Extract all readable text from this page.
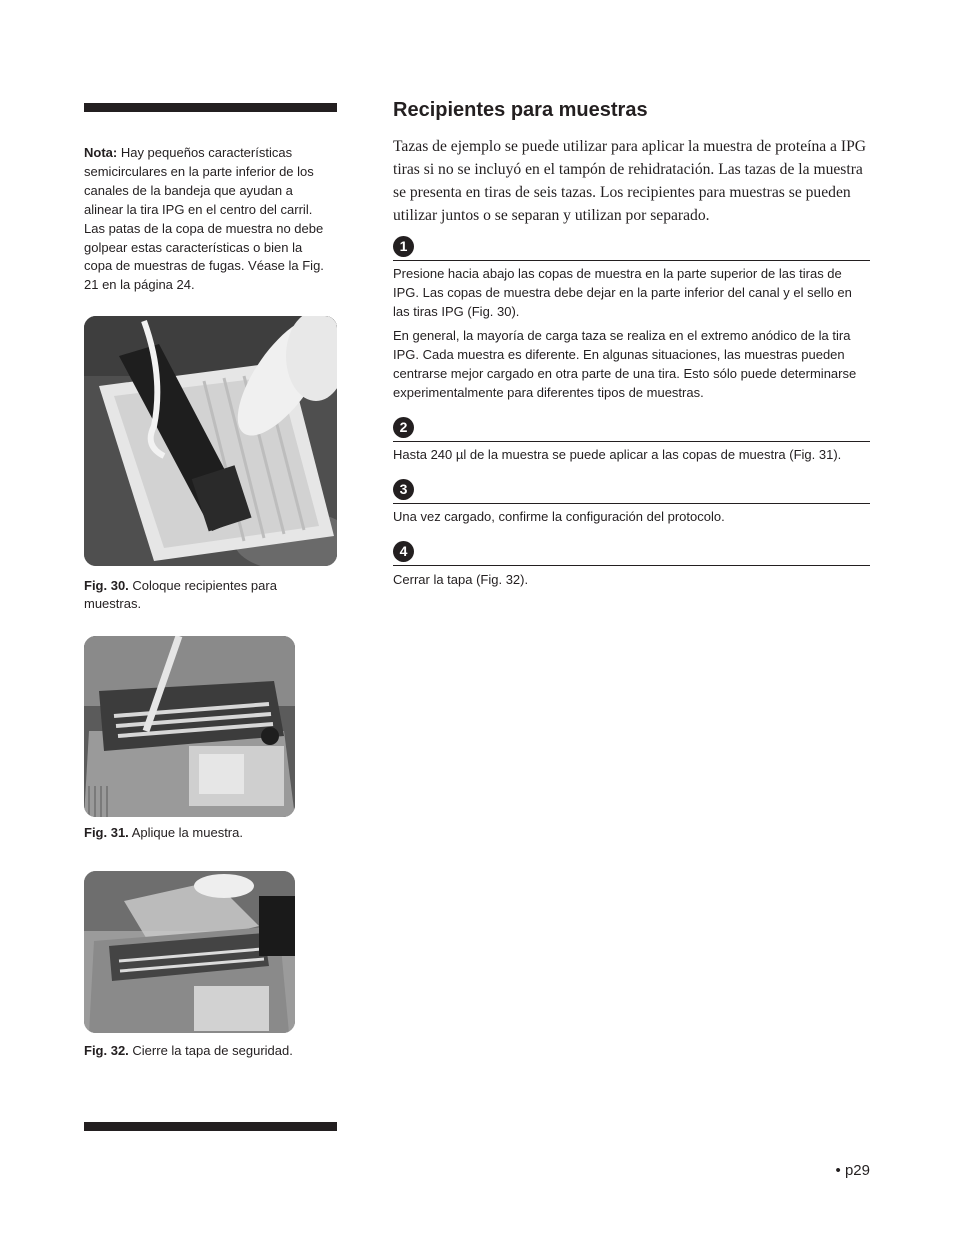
Nota: Hay pequeños características semicirculares en la parte inferior de los canales de la bandeja que ayudan a alinear la tira IPG en el centro del carril. Las patas de la copa de muestra no debe golpear estas características o bien la copa de muestras de fugas. Véase la Fig. 21 en la página 24.
Fig. 30. Coloque recipientes para muestras.
Fig. 31. Aplique la muestra.
Fig. 32. Cierre la tapa de seguridad.
Recipientes para muestras

Tazas de ejemplo se puede utilizar para aplicar la muestra de proteína a IPG tiras si no se incluyó en el tampón de rehidratación. Las tazas de la muestra se presenta en tiras de seis tazas. Los recipientes para muestras se pueden utilizar juntos o se separan y utilizan por separado.

1

Presione hacia abajo las copas de muestra en la parte superior de las tiras de IPG. Las copas de muestra debe dejar en la parte inferior del canal y el sello en las tiras IPG (Fig. 30).

En general, la mayoría de carga taza se realiza en el extremo anódico de la tira IPG. Cada muestra es diferente. En algunas situaciones, las muestras pueden centrarse mejor cargado en otra parte de una tira. Esto sólo puede determinarse experimentalmente para diferentes tipos de muestras.

2

Hasta 240 µl de la muestra se puede aplicar a las copas de muestra (Fig. 31).

3

Una vez cargado, confirme la configuración del protocolo.

4

Cerrar la tapa (Fig. 32).

• p29
